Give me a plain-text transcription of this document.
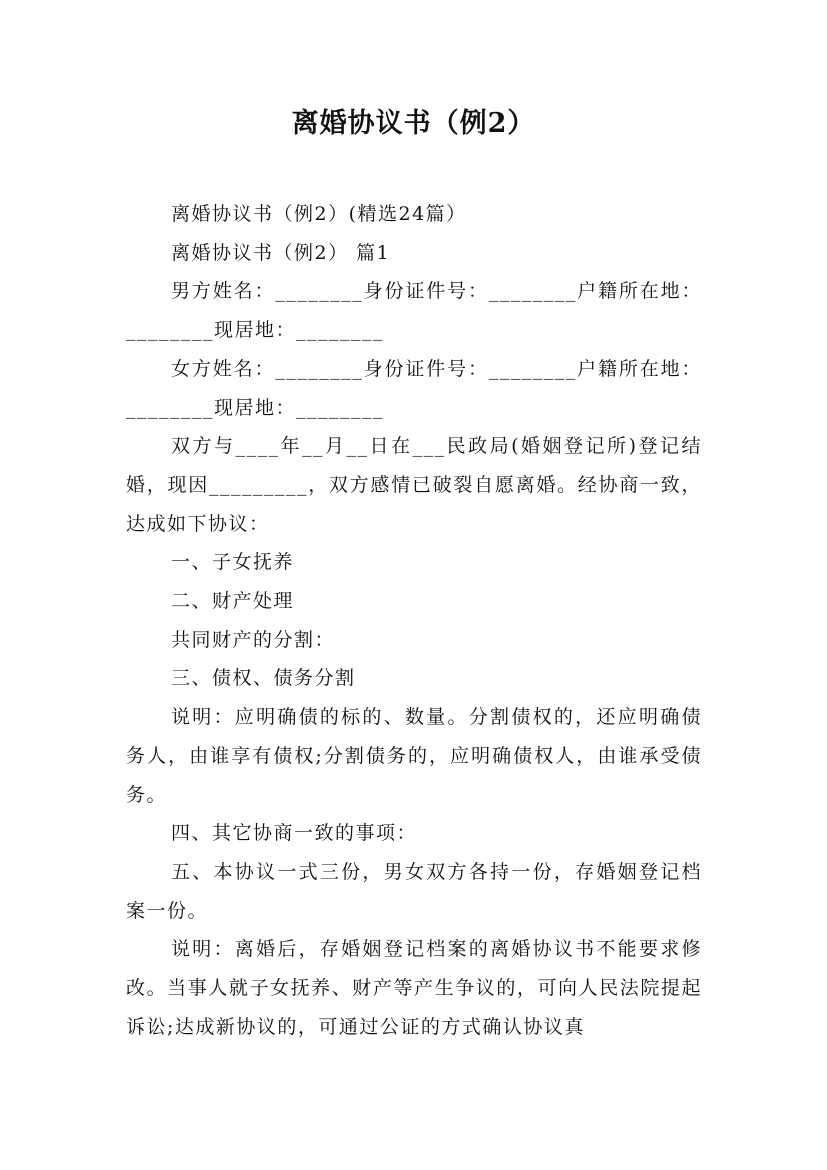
离婚协议书（例2）

离婚协议书（例2）(精选24篇）

离婚协议书（例2） 篇1

男方姓名：________身份证件号：________户籍所在地：________现居地：________

女方姓名：________身份证件号：________户籍所在地：________现居地：________

双方与____年__月__日在___民政局(婚姻登记所)登记结婚，现因_________，双方感情已破裂自愿离婚。经协商一致，达成如下协议：

一、子女抚养

二、财产处理

共同财产的分割：

三、债权、债务分割

说明：应明确债的标的、数量。分割债权的，还应明确债务人，由谁享有债权;分割债务的，应明确债权人，由谁承受债务。

四、其它协商一致的事项：

五、本协议一式三份，男女双方各持一份，存婚姻登记档案一份。

说明：离婚后，存婚姻登记档案的离婚协议书不能要求修改。当事人就子女抚养、财产等产生争议的，可向人民法院提起诉讼;达成新协议的，可通过公证的方式确认协议真
